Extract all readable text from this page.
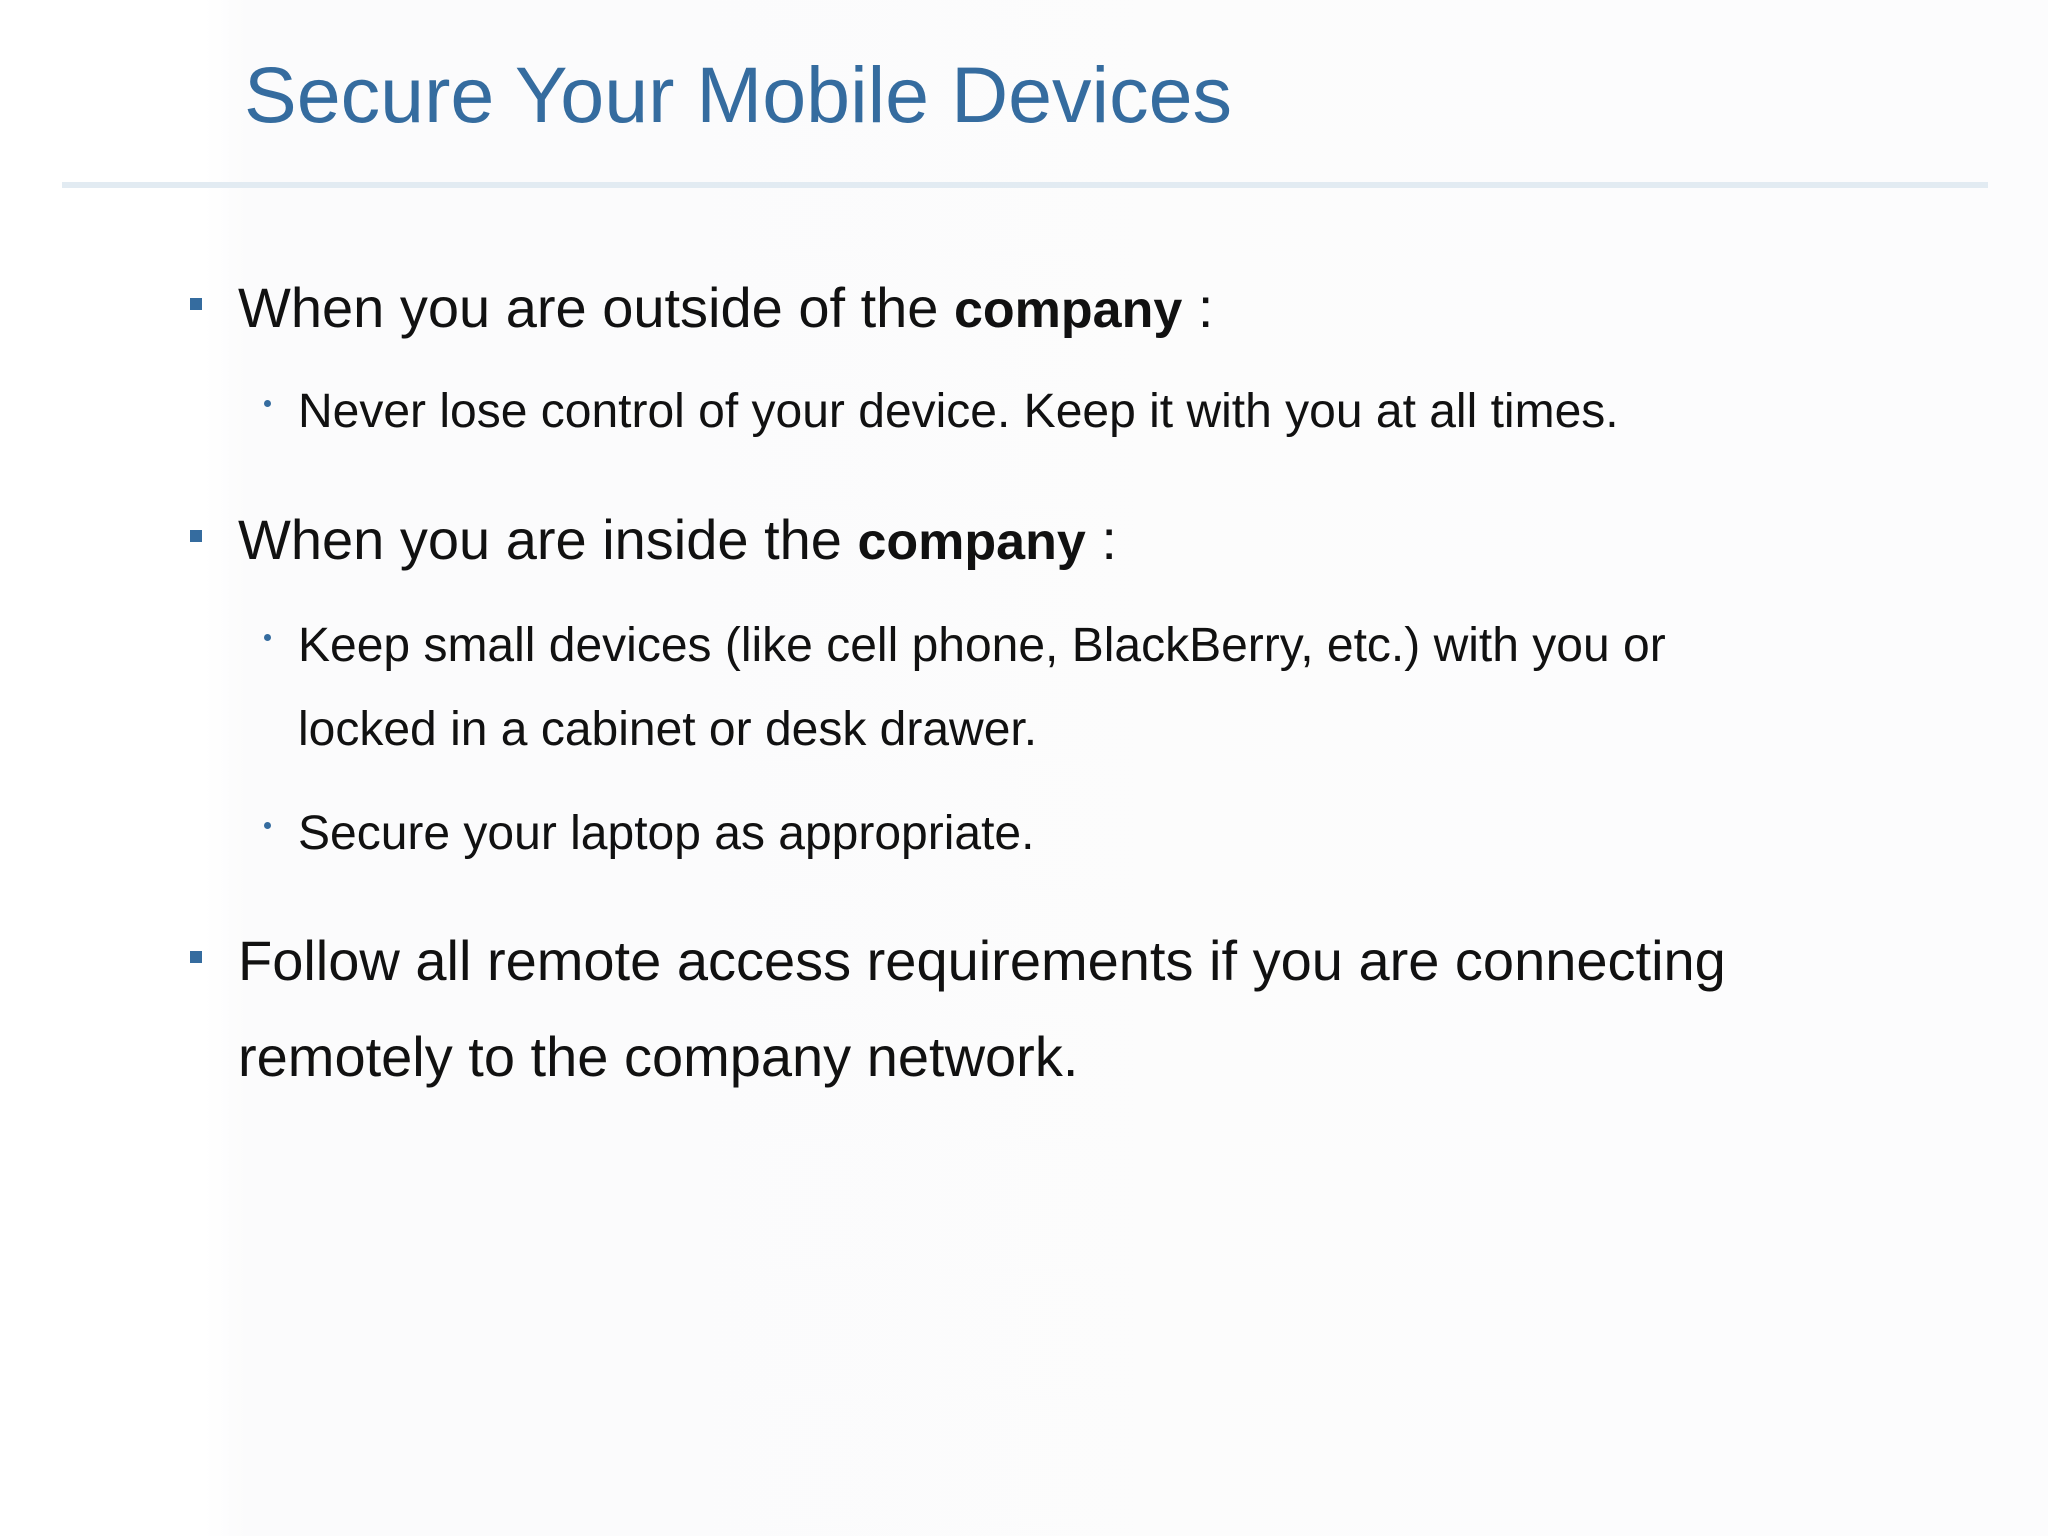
Secure Your Mobile Devices
When you are outside of the company :
Never lose control of your device. Keep it with you at all times.
When you are inside the company :
Keep small devices (like cell phone, BlackBerry, etc.) with you or
locked in a cabinet or desk drawer.
Secure your laptop as appropriate.
Follow all remote access requirements if you are connecting
remotely to the company network.
